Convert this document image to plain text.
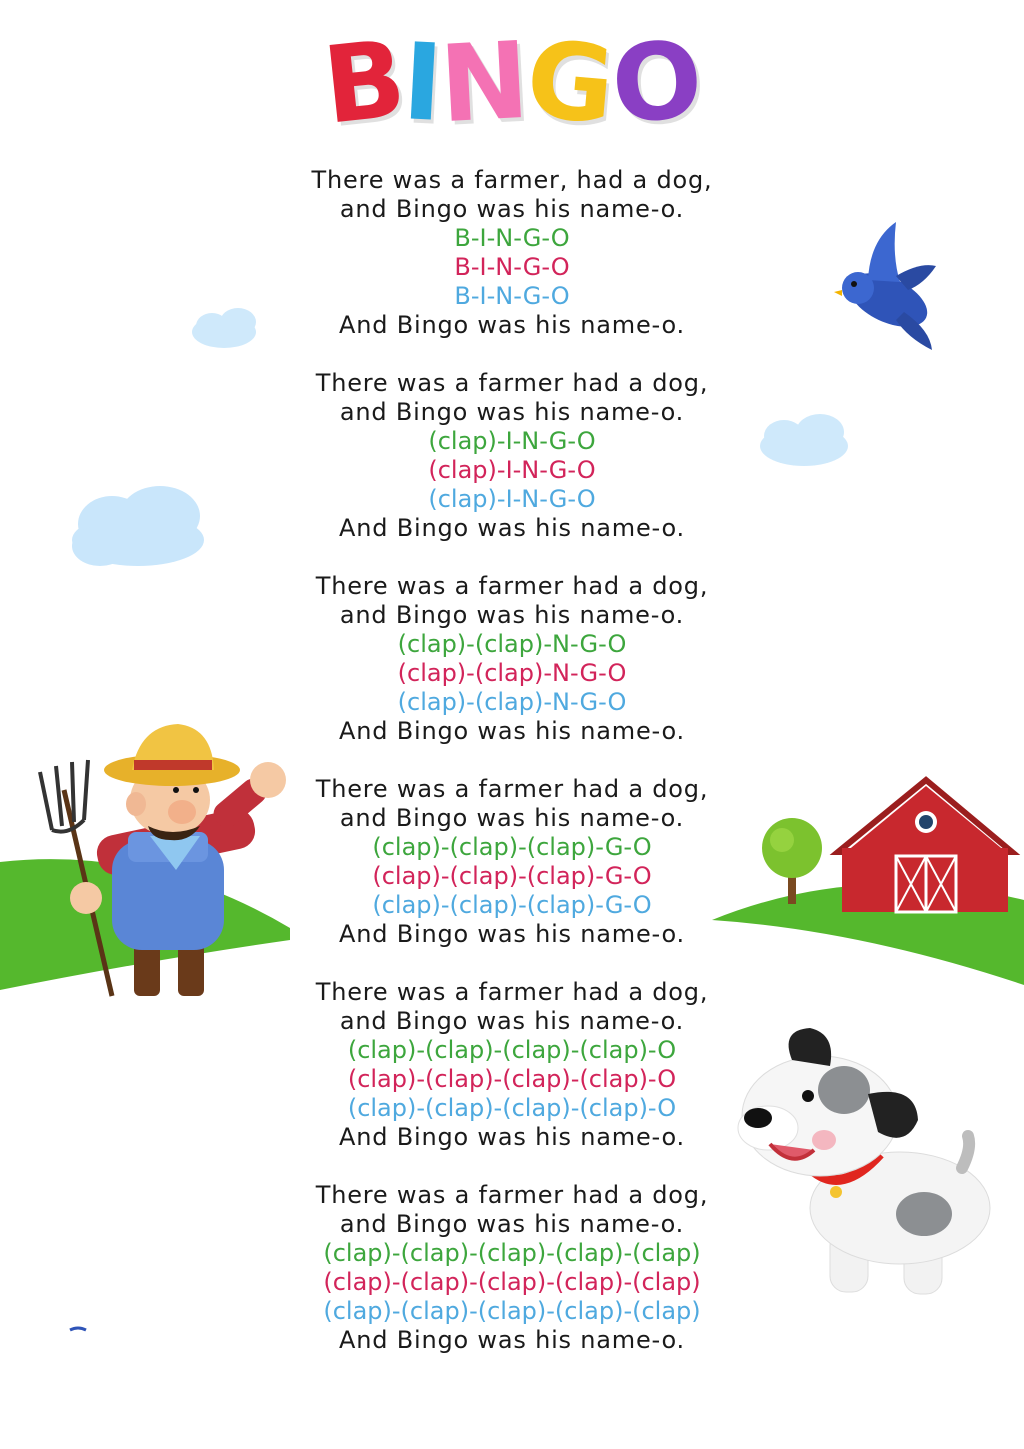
BINGO
There was a farmer, had a dog,
and Bingo was his name-o.
B-I-N-G-O
B-I-N-G-O
B-I-N-G-O
And Bingo was his name-o.
There was a farmer had a dog,
and Bingo was his name-o.
(clap)-I-N-G-O
(clap)-I-N-G-O
(clap)-I-N-G-O
And Bingo was his name-o.
There was a farmer had a dog,
and Bingo was his name-o.
(clap)-(clap)-N-G-O
(clap)-(clap)-N-G-O
(clap)-(clap)-N-G-O
And Bingo was his name-o.
There was a farmer had a dog,
and Bingo was his name-o.
(clap)-(clap)-(clap)-G-O
(clap)-(clap)-(clap)-G-O
(clap)-(clap)-(clap)-G-O
And Bingo was his name-o.
There was a farmer had a dog,
and Bingo was his name-o.
(clap)-(clap)-(clap)-(clap)-O
(clap)-(clap)-(clap)-(clap)-O
(clap)-(clap)-(clap)-(clap)-O
And Bingo was his name-o.
There was a farmer had a dog,
and Bingo was his name-o.
(clap)-(clap)-(clap)-(clap)-(clap)
(clap)-(clap)-(clap)-(clap)-(clap)
(clap)-(clap)-(clap)-(clap)-(clap)
And Bingo was his name-o.
